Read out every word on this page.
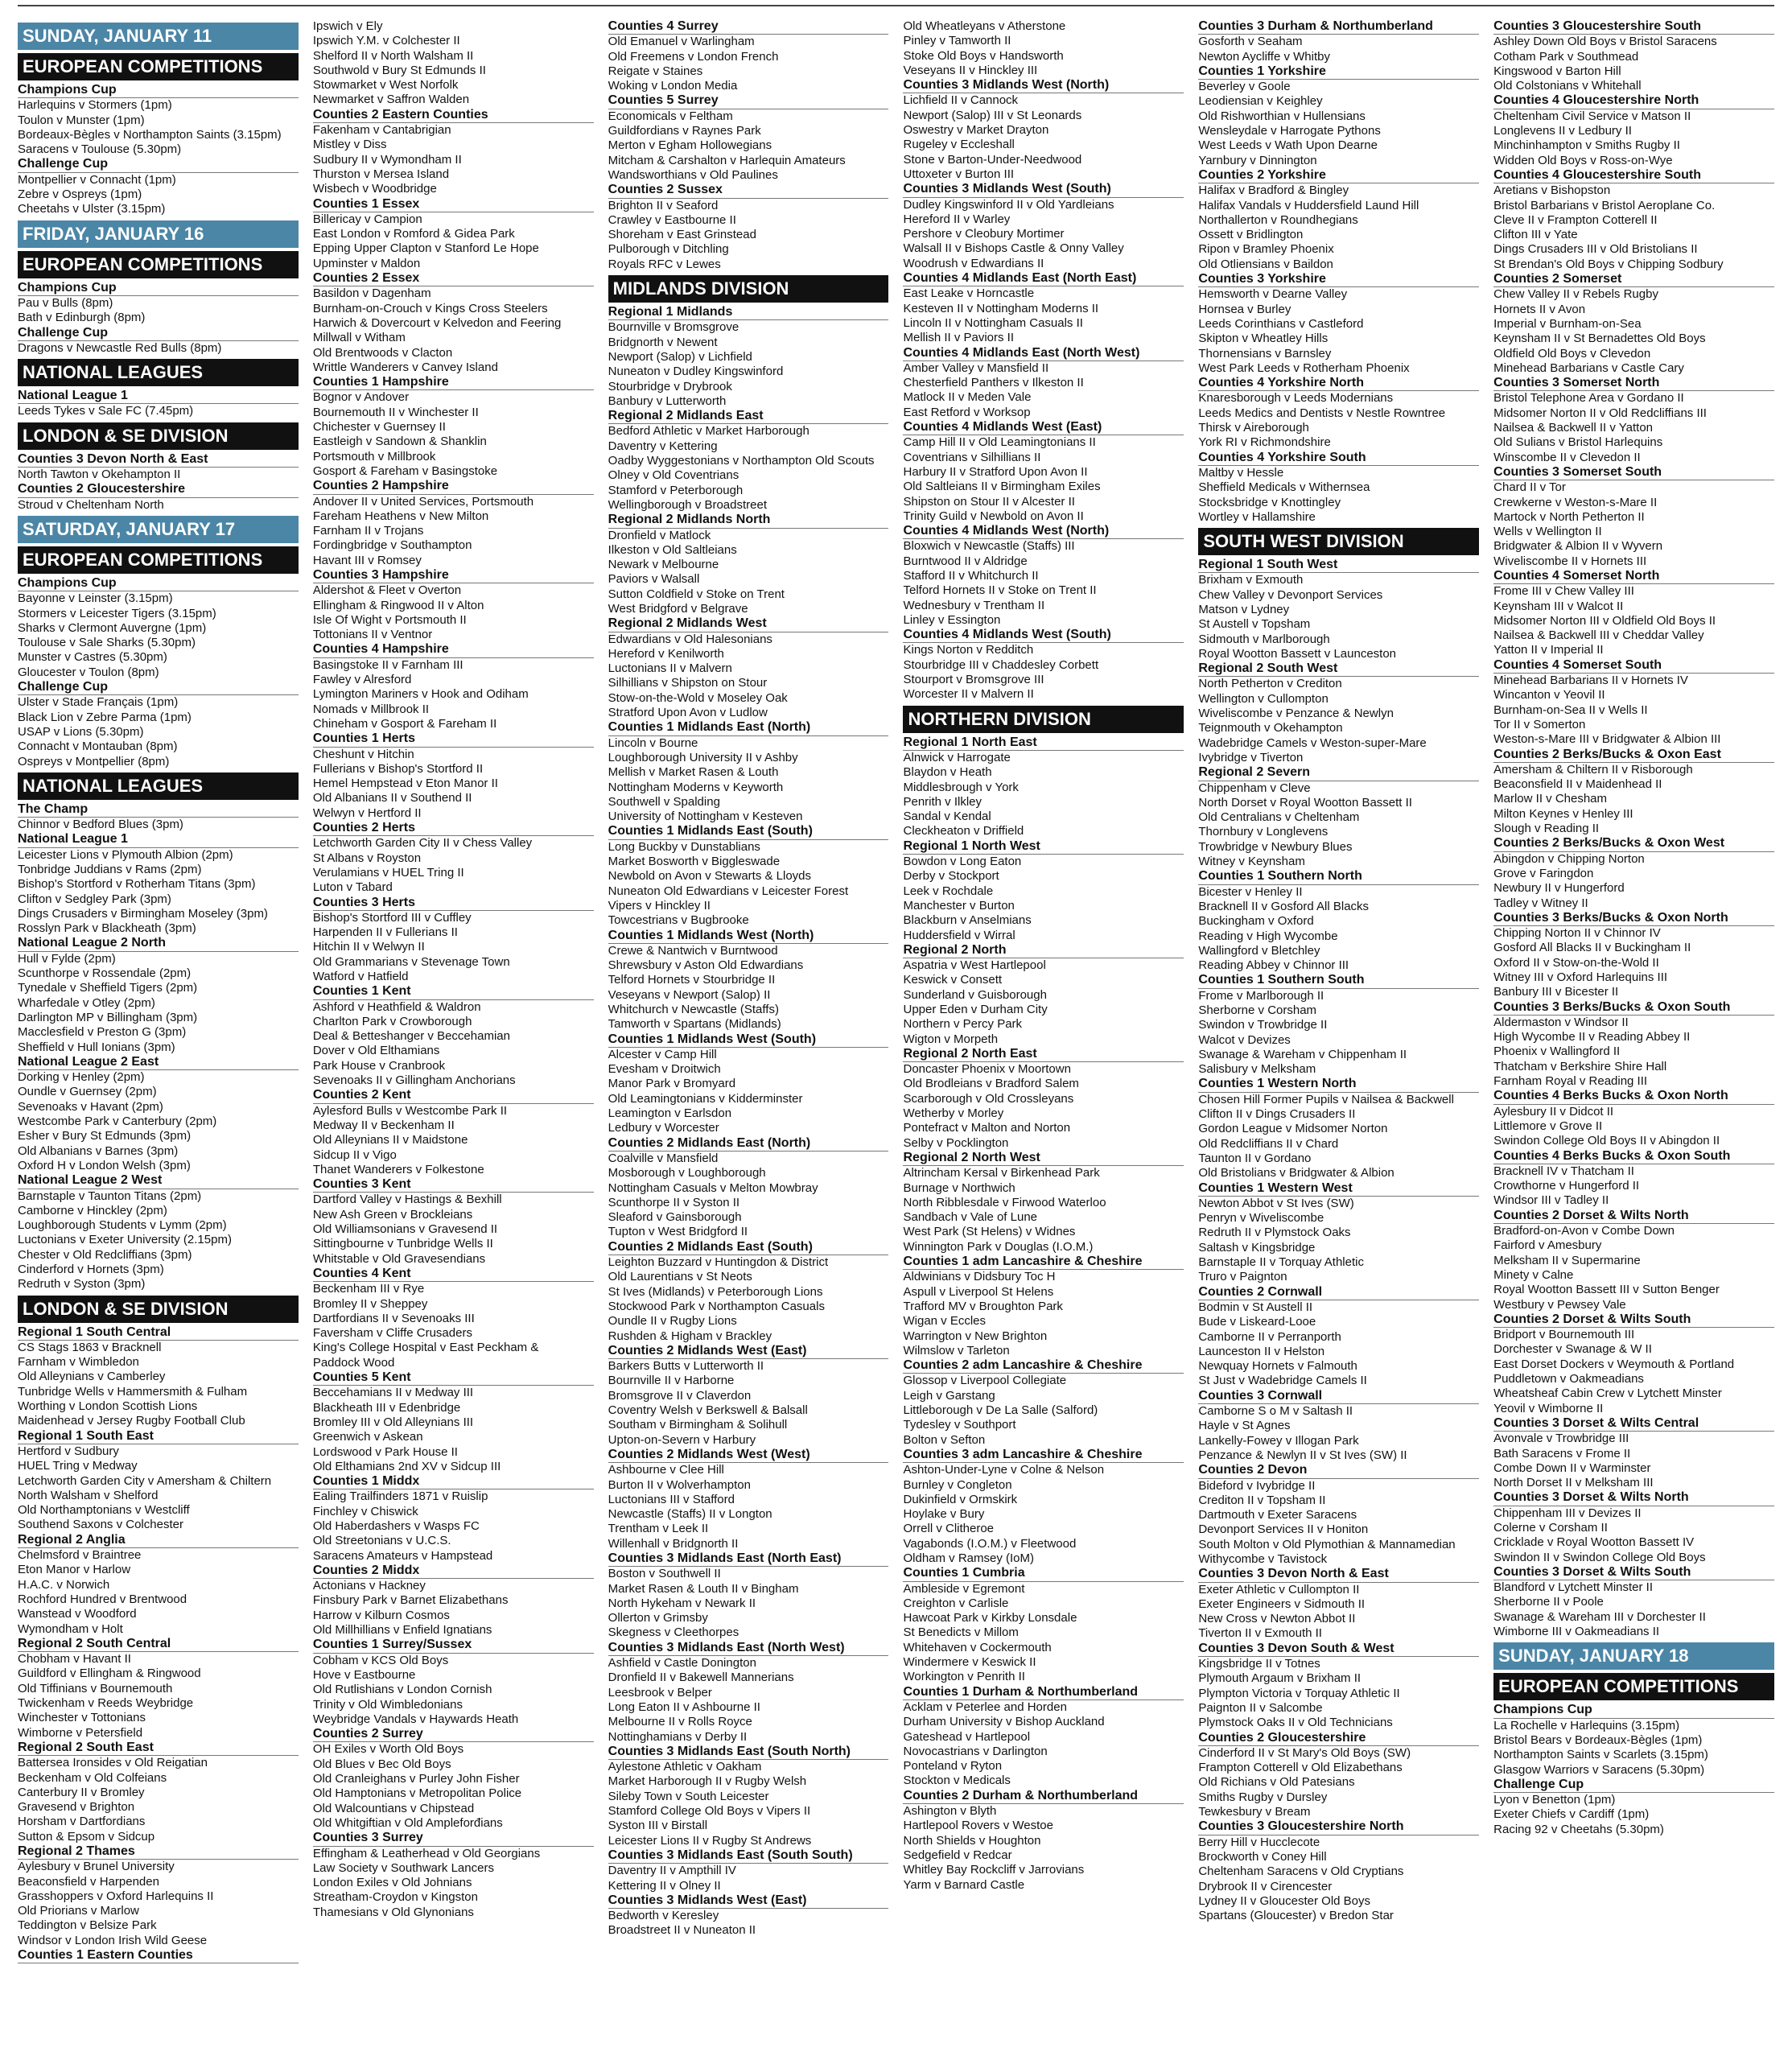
SUNDAY, JANUARY 11
EUROPEAN COMPETITIONS
Champions Cup
Harlequins v Stormers (1pm)
Toulon v Munster (1pm)
Bordeaux-Bègles v Northampton Saints (3.15pm)
Saracens v Toulouse (5.30pm)
Challenge Cup
Montpellier v Connacht (1pm)
Zebre v Ospreys (1pm)
Cheetahs v Ulster (3.15pm)
FRIDAY, JANUARY 16
EUROPEAN COMPETITIONS
Champions Cup
Pau v Bulls (8pm)
Bath v Edinburgh (8pm)
Challenge Cup
Dragons v Newcastle Red Bulls (8pm)
NATIONAL LEAGUES
National League 1
Leeds Tykes v Sale FC (7.45pm)
LONDON & SE DIVISION
Counties 3 Devon North & East
North Tawton v Okehampton II
Counties 2 Gloucestershire
Stroud v Cheltenham North
SATURDAY, JANUARY 17
EUROPEAN COMPETITIONS
Champions Cup
Bayonne v Leinster (3.15pm)
Stormers v Leicester Tigers (3.15pm)
Sharks v Clermont Auvergne (1pm)
Toulouse v Sale Sharks (5.30pm)
Munster v Castres (5.30pm)
Gloucester v Toulon (8pm)
Challenge Cup
Ulster v Stade Français (1pm)
Black Lion v Zebre Parma (1pm)
USAP v Lions (5.30pm)
Connacht v Montauban (8pm)
Ospreys v Montpellier (8pm)
NATIONAL LEAGUES
The Champ
Chinnor v Bedford Blues (3pm)
National League 1
Leicester Lions v Plymouth Albion (2pm)
Tonbridge Juddians v Rams (2pm)
Bishop's Stortford v Rotherham Titans (3pm)
Clifton v Sedgley Park (3pm)
Dings Crusaders v Birmingham Moseley (3pm)
Rosslyn Park v Blackheath (3pm)
National League 2 North
Hull v Fylde (2pm)
Scunthorpe v Rossendale (2pm)
Tynedale v Sheffield Tigers (2pm)
Wharfedale v Otley (2pm)
Darlington MP v Billingham (3pm)
Macclesfield v Preston G (3pm)
Sheffield v Hull Ionians (3pm)
National League 2 East
Dorking v Henley (2pm)
Oundle v Guernsey (2pm)
Sevenoaks v Havant (2pm)
Westcombe Park v Canterbury (2pm)
Esher v Bury St Edmunds (3pm)
Old Albanians v Barnes (3pm)
Oxford H v London Welsh (3pm)
National League 2 West
Barnstaple v Taunton Titans (2pm)
Camborne v Hinckley (2pm)
Loughborough Students v Lymm (2pm)
Luctonians v Exeter University (2.15pm)
Chester v Old Redcliffians (3pm)
Cinderford v Hornets (3pm)
Redruth v Syston (3pm)
LONDON & SE DIVISION
Regional 1 South Central
CS Stags 1863 v Bracknell
Farnham v Wimbledon
Old Alleynians v Camberley
Tunbridge Wells v Hammersmith & Fulham
Worthing v London Scottish Lions
Maidenhead v Jersey Rugby Football Club
Regional 1 South East
Hertford v Sudbury
HUEL Tring v Medway
Letchworth Garden City v Amersham & Chiltern
North Walsham v Shelford
Old Northamptonians v Westcliff
Southend Saxons v Colchester
Regional 2 Anglia
Chelmsford v Braintree
Eton Manor v Harlow
H.A.C. v Norwich
Rochford Hundred v Brentwood
Wanstead v Woodford
Wymondham v Holt
Regional 2 South Central
Chobham v Havant II
Guildford v Ellingham & Ringwood
Old Tiffinians v Bournemouth
Twickenham v Reeds Weybridge
Winchester v Tottonians
Wimborne v Petersfield
Regional 2 South East
Battersea Ironsides v Old Reigatian
Beckenham v Old Colfeians
Canterbury II v Bromley
Gravesend v Brighton
Horsham v Dartfordians
Sutton & Epsom v Sidcup
Regional 2 Thames
Aylesbury v Brunel University
Beaconsfield v Harpenden
Grasshoppers v Oxford Harlequins II
Old Priorians v Marlow
Teddington v Belsize Park
Windsor v London Irish Wild Geese
Counties 1 Eastern Counties
Ipswich v Ely
Ipswich Y.M. v Colchester II
Shelford II v North Walsham II
Southwold v Bury St Edmunds II
Stowmarket v West Norfolk
Newmarket v Saffron Walden
Counties 2 Eastern Counties
Fakenham v Cantabrigian
Mistley v Diss
Sudbury II v Wymondham II
Thurston v Mersea Island
Wisbech v Woodbridge
Counties 1 Essex
Billericay v Campion
East London v Romford & Gidea Park
Epping Upper Clapton v Stanford Le Hope
Upminster v Maldon
Counties 2 Essex
Basildon v Dagenham
Burnham-on-Crouch v Kings Cross Steelers
Harwich & Dovercourt v Kelvedon and Feering
Millwall v Witham
Old Brentwoods v Clacton
Writtle Wanderers v Canvey Island
Counties 1 Hampshire
Bognor v Andover
Bournemouth II v Winchester II
Chichester v Guernsey II
Eastleigh v Sandown & Shanklin
Portsmouth v Millbrook
Gosport & Fareham v Basingstoke
Counties 2 Hampshire
Andover II v United Services, Portsmouth
Fareham Heathens v New Milton
Farnham II v Trojans
Fordingbridge v Southampton
Havant III v Romsey
Counties 3 Hampshire
Aldershot & Fleet v Overton
Ellingham & Ringwood II v Alton
Isle Of Wight v Portsmouth II
Tottonians II v Ventnor
Counties 4 Hampshire
Basingstoke II v Farnham III
Fawley v Alresford
Lymington Mariners v Hook and Odiham
Nomads v Millbrook II
Chineham v Gosport & Fareham II
Counties 1 Herts
Cheshunt v Hitchin
Fullerians v Bishop's Stortford II
Hemel Hempstead v Eton Manor II
Old Albanians II v Southend II
Welwyn v Hertford II
Counties 2 Herts
Letchworth Garden City II v Chess Valley
St Albans v Royston
Verulamians v HUEL Tring II
Luton v Tabard
Counties 3 Herts
Bishop's Stortford III v Cuffley
Harpenden II v Fullerians II
Hitchin II v Welwyn II
Old Grammarians v Stevenage Town
Watford v Hatfield
Counties 1 Kent
Ashford v Heathfield & Waldron
Charlton Park v Crowborough
Deal & Betteshanger v Beccehamian
Dover v Old Elthamians
Park House v Cranbrook
Sevenoaks II v Gillingham Anchorians
Counties 2 Kent
Aylesford Bulls v Westcombe Park II
Medway II v Beckenham II
Old Alleynians II v Maidstone
Sidcup II v Vigo
Thanet Wanderers v Folkestone
Counties 3 Kent
Dartford Valley v Hastings & Bexhill
New Ash Green v Brockleians
Old Williamsonians v Gravesend II
Sittingbourne v Tunbridge Wells II
Whitstable v Old Gravesendians
Counties 4 Kent
Beckenham III v Rye
Bromley II v Sheppey
Dartfordians II v Sevenoaks III
Faversham v Cliffe Crusaders
King's College Hospital v East Peckham &
Paddock Wood
Counties 5 Kent
Beccehamians II v Medway III
Blackheath III v Edenbridge
Bromley III v Old Alleynians III
Greenwich v Askean
Lordswood v Park House II
Old Elthamians 2nd XV v Sidcup III
Counties 1 Middx
Ealing Trailfinders 1871 v Ruislip
Finchley v Chiswick
Old Haberdashers v Wasps FC
Old Streetonians v U.C.S.
Saracens Amateurs v Hampstead
Counties 2 Middx
Actonians v Hackney
Finsbury Park v Barnet Elizabethans
Harrow v Kilburn Cosmos
Old Millhillians v Enfield Ignatians
Counties 1 Surrey/Sussex
Cobham v KCS Old Boys
Hove v Eastbourne
Old Rutlishians v London Cornish
Trinity v Old Wimbledonians
Weybridge Vandals v Haywards Heath
Counties 2 Surrey
OH Exiles v Worth Old Boys
Old Blues v Bec Old Boys
Old Cranleighans v Purley John Fisher
Old Hamptonians v Metropolitan Police
Old Walcountians v Chipstead
Old Whitgiftian v Old Ampleforđians
Counties 3 Surrey
Effingham & Leatherhead v Old Georgians
Law Society v Southwark Lancers
London Exiles v Old Johnians
Streatham-Croydon v Kingston
Thamesians v Old Glynonians
Counties 4 Surrey
Old Emanuel v Warlingham
Old Freemens v London French
Reigate v Staines
Woking v London Media
Counties 5 Surrey
Economicals v Feltham
Guildfordians v Raynes Park
Merton v Egham Hollowegians
Mitcham & Carshalton v Harlequin Amateurs
Wandsworthians v Old Paulines
Counties 2 Sussex
Brighton II v Seaford
Crawley v Eastbourne II
Shoreham v East Grinstead
Pulborough v Ditchling
Royals RFC v Lewes
MIDLANDS DIVISION
Regional 1 Midlands
Bournville v Bromsgrove
Bridgnorth v Newent
Newport (Salop) v Lichfield
Nuneaton v Dudley Kingswinford
Stourbridge v Drybrook
Banbury v Lutterworth
Regional 2 Midlands East
Bedford Athletic v Market Harborough
Daventry v Kettering
Oadby Wyggestonians v Northampton Old Scouts
Olney v Old Coventrians
Stamford v Peterborough
Wellingborough v Broadstreet
Regional 2 Midlands North
Dronfield v Matlock
Ilkeston v Old Saltleians
Newark v Melbourne
Paviors v Walsall
Sutton Coldfield v Stoke on Trent
West Bridgford v Belgrave
Regional 2 Midlands West
Edwardians v Old Halesonians
Hereford v Kenilworth
Luctonians II v Malvern
Silhillians v Shipston on Stour
Stow-on-the-Wold v Moseley Oak
Stratford Upon Avon v Ludlow
Counties 1 Midlands East (North)
Lincoln v Bourne
Loughborough University II v Ashby
Mellish v Market Rasen & Louth
Nottingham Moderns v Keyworth
Southwell v Spalding
University of Nottingham v Kesteven
Counties 1 Midlands East (South)
Long Buckby v Dunstablians
Market Bosworth v Biggleswade
Newbold on Avon v Stewarts & Lloyds
Nuneaton Old Edwardians v Leicester Forest
Vipers v Hinckley II
Towcestrians v Bugbrooke
Counties 1 Midlands West (North)
Crewe & Nantwich v Burntwood
Shrewsbury v Aston Old Edwardians
Telford Hornets v Stourbridge II
Veseyans v Newport (Salop) II
Whitchurch v Newcastle (Staffs)
Tamworth v Spartans (Midlands)
Counties 1 Midlands West (South)
Alcester v Camp Hill
Evesham v Droitwich
Manor Park v Bromyard
Old Leamingtonians v Kidderminster
Leamington v Earlsdon
Ledbury v Worcester
Counties 2 Midlands East (North)
Coalville v Mansfield
Mosborough v Loughborough
Nottingham Casuals v Melton Mowbray
Scunthorpe II v Syston II
Sleaford v Gainsborough
Tupton v West Bridgford II
Counties 2 Midlands East (South)
Leighton Buzzard v Huntingdon & District
Old Laurentians v St Neots
St Ives (Midlands) v Peterborough Lions
Stockwood Park v Northampton Casuals
Oundle II v Rugby Lions
Rushden & Higham v Brackley
Counties 2 Midlands West (East)
Barkers Butts v Lutterworth II
Bournville II v Harborne
Bromsgrove II v Claverdon
Coventry Welsh v Berkswell & Balsall
Southam v Birmingham & Solihull
Upton-on-Severn v Harbury
Counties 2 Midlands West (West)
Ashbourne v Clee Hill
Burton II v Wolverhampton
Luctonians III v Stafford
Newcastle (Staffs) II v Longton
Trentham v Leek II
Willenhall v Bridgnorth II
Counties 3 Midlands East (North East)
Boston v Southwell II
Market Rasen & Louth II v Bingham
North Hykeham v Newark II
Ollerton v Grimsby
Skegness v Cleethorpes
Counties 3 Midlands East (North West)
Ashfield v Castle Donington
Dronfield II v Bakewell Mannerians
Leesbrook v Belper
Long Eaton II v Ashbourne II
Melbourne II v Rolls Royce
Nottinghamians v Derby II
Counties 3 Midlands East (South North)
Aylestone Athletic v Oakham
Market Harborough II v Rugby Welsh
Sileby Town v South Leicester
Stamford College Old Boys v Vipers II
Syston III v Birstall
Leicester Lions II v Rugby St Andrews
Counties 3 Midlands East (South South)
Daventry II v Ampthill IV
Kettering II v Olney II
Counties 3 Midlands West (East)
Bedworth v Keresley
Broadstreet II v Nuneaton II
Old Wheatleyans v Atherstone
Pinley v Tamworth II
Stoke Old Boys v Handsworth
Veseyans II v Hinckley III
Counties 3 Midlands West (North)
Lichfield II v Cannock
Newport (Salop) III v St Leonards
Oswestry v Market Drayton
Rugeley v Eccleshall
Stone v Barton-Under-Needwood
Uttoxeter v Burton III
Counties 3 Midlands West (South)
Dudley Kingswinford II v Old Yardleians
Hereford II v Warley
Pershore v Cleobury Mortimer
Walsall II v Bishops Castle & Onny Valley
Woodrush v Edwardians II
Counties 4 Midlands East (North East)
East Leake v Horncastle
Kesteven II v Nottingham Moderns II
Lincoln II v Nottingham Casuals II
Mellish II v Paviors II
Counties 4 Midlands East (North West)
Amber Valley v Mansfield II
Chesterfield Panthers v Ilkeston II
Matlock II v Meden Vale
East Retford v Worksop
Counties 4 Midlands West (East)
Camp Hill II v Old Leamingtonians II
Coventrians v Silhillians II
Harbury II v Stratford Upon Avon II
Old Saltleians II v Birmingham Exiles
Shipston on Stour II v Alcester II
Trinity Guild v Newbold on Avon II
Counties 4 Midlands West (North)
Bloxwich v Newcastle (Staffs) III
Burntwood II v Aldridge
Stafford II v Whitchurch II
Telford Hornets II v Stoke on Trent II
Wednesbury v Trentham II
Linley v Essington
Counties 4 Midlands West (South)
Kings Norton v Redditch
Stourbridge III v Chaddesley Corbett
Stourport v Bromsgrove III
Worcester II v Malvern II
NORTHERN DIVISION
Regional 1 North East
Alnwick v Harrogate
Blaydon v Heath
Middlesbrough v York
Penrith v Ilkley
Sandal v Kendal
Cleckheaton v Driffield
Regional 1 North West
Bowdon v Long Eaton
Derby v Stockport
Leek v Rochdale
Manchester v Burton
Blackburn v Anselmians
Huddersfield v Wirral
Regional 2 North
Aspatria v West Hartlepool
Keswick v Consett
Sunderland v Guisborough
Upper Eden v Durham City
Northern v Percy Park
Wigton v Morpeth
Regional 2 North East
Doncaster Phoenix v Moortown
Old Brodleians v Bradford Salem
Scarborough v Old Crossleyans
Wetherby v Morley
Pontefract v Malton and Norton
Selby v Pocklington
Regional 2 North West
Altrincham Kersal v Birkenhead Park
Burnage v Northwich
North Ribblesdale v Firwood Waterloo
Sandbach v Vale of Lune
West Park (St Helens) v Widnes
Winnington Park v Douglas (I.O.M.)
Counties 1 adm Lancashire & Cheshire
Aldwinians v Didsbury Toc H
Aspull v Liverpool St Helens
Trafford MV v Broughton Park
Wigan v Eccles
Warrington v New Brighton
Wilmslow v Tarleton
Counties 2 adm Lancashire & Cheshire
Glossop v Liverpool Collegiate
Leigh v Garstang
Littleborough v De La Salle (Salford)
Tydesley v Southport
Bolton v Sefton
Counties 3 adm Lancashire & Cheshire
Ashton-Under-Lyne v Colne & Nelson
Burnley v Congleton
Dukinfield v Ormskirk
Hoylake v Bury
Orrell v Clitheroe
Vagabonds (I.O.M.) v Fleetwood
Oldham v Ramsey (IoM)
Counties 1 Cumbria
Ambleside v Egremont
Creighton v Carlisle
Hawcoat Park v Kirkby Lonsdale
St Benedicts v Millom
Whitehaven v Cockermouth
Windermere v Keswick II
Workington v Penrith II
Counties 1 Durham & Northumberland
Acklam v Peterlee and Horden
Durham University v Bishop Auckland
Gateshead v Hartlepool
Novocastrians v Darlington
Ponteland v Ryton
Stockton v Medicals
Counties 2 Durham & Northumberland
Ashington v Blyth
Hartlepool Rovers v Westoe
North Shields v Houghton
Sedgefield v Redcar
Whitley Bay Rockcliff v Jarrovians
Yarm v Barnard Castle
Counties 3 Durham & Northumberland
Gosforth v Seaham
Newton Aycliffe v Whitby
Counties 1 Yorkshire
Beverley v Goole
Leodiensian v Keighley
Old Rishworthian v Hullensians
Wensleydale v Harrogate Pythons
West Leeds v Wath Upon Dearne
Yarnbury v Dinnington
Counties 2 Yorkshire
Halifax v Bradford & Bingley
Halifax Vandals v Huddersfield Laund Hill
Northallerton v Roundhegians
Ossett v Bridlington
Ripon v Bramley Phoenix
Old Otliensians v Baildon
Counties 3 Yorkshire
Hemsworth v Dearne Valley
Hornsea v Burley
Leeds Corinthians v Castleford
Skipton v Wheatley Hills
Thornensians v Barnsley
West Park Leeds v Rotherham Phoenix
Counties 4 Yorkshire North
Knaresborough v Leeds Modernians
Leeds Medics and Dentists v Nestle Rowntree
Thirsk v Aireborough
York RI v Richmondshire
Counties 4 Yorkshire South
Maltby v Hessle
Sheffield Medicals v Withernsea
Stocksbridge v Knottingley
Wortley v Hallamshire
SOUTH WEST DIVISION
Regional 1 South West
Brixham v Exmouth
Chew Valley v Devonport Services
Matson v Lydney
St Austell v Topsham
Sidmouth v Marlborough
Royal Wootton Bassett v Launceston
Regional 2 South West
North Petherton v Crediton
Wellington v Cullompton
Wiveliscombe v Penzance & Newlyn
Teignmouth v Okehampton
Wadebridge Camels v Weston-super-Mare
Ivybridge v Tiverton
Regional 2 Severn
Chippenham v Cleve
North Dorset v Royal Wootton Bassett II
Old Centralians v Cheltenham
Thornbury v Longlevens
Trowbridge v Newbury Blues
Witney v Keynsham
Counties 1 Southern North
Bicester v Henley II
Bracknell II v Gosford All Blacks
Buckingham v Oxford
Reading v High Wycombe
Wallingford v Bletchley
Reading Abbey v Chinnor III
Counties 1 Southern South
Frome v Marlborough II
Sherborne v Corsham
Swindon v Trowbridge II
Walcot v Devizes
Swanage & Wareham v Chippenham II
Salisbury v Melksham
Counties 1 Western North
Chosen Hill Former Pupils v Nailsea & Backwell
Clifton II v Dings Crusaders II
Gordon League v Midsomer Norton
Old Redcliffians II v Chard
Taunton II v Gordano
Old Bristolians v Bridgwater & Albion
Counties 1 Western West
Newton Abbot v St Ives (SW)
Penryn v Wiveliscombe
Redruth II v Plymstock Oaks
Saltash v Kingsbridge
Barnstaple II v Torquay Athletic
Truro v Paignton
Counties 2 Cornwall
Bodmin v St Austell II
Bude v Liskeard-Looe
Camborne II v Perranporth
Launceston II v Helston
Newquay Hornets v Falmouth
St Just v Wadebridge Camels II
Counties 3 Cornwall
Camborne S o M v Saltash II
Hayle v St Agnes
Lankelly-Fowey v Illogan Park
Penzance & Newlyn II v St Ives (SW) II
Counties 2 Devon
Bideford v Ivybridge II
Crediton II v Topsham II
Dartmouth v Exeter Saracens
Devonport Services II v Honiton
South Molton v Old Plymothian & Mannamedian
Withycombe v Tavistock
Counties 3 Devon North & East
Exeter Athletic v Cullompton II
Exeter Engineers v Sidmouth II
New Cross v Newton Abbot II
Tiverton II v Exmouth II
Counties 3 Devon South & West
Kingsbridge II v Totnes
Plymouth Argaum v Brixham II
Plympton Victoria v Torquay Athletic II
Paignton II v Salcombe
Plymstock Oaks II v Old Technicians
Counties 2 Gloucestershire
Cinderford II v St Mary's Old Boys (SW)
Frampton Cotterell v Old Elizabethans
Old Richians v Old Patesians
Smiths Rugby v Dursley
Tewkesbury v Bream
Counties 3 Gloucestershire North
Berry Hill v Hucclecote
Brockworth v Coney Hill
Cheltenham Saracens v Old Cryptians
Drybrook II v Cirencester
Lydney II v Gloucester Old Boys
Spartans (Gloucester) v Bredon Star
Counties 3 Gloucestershire South
Ashley Down Old Boys v Bristol Saracens
Cotham Park v Southmead
Kingswood v Barton Hill
Old Colstonians v Whitehall
Counties 4 Gloucestershire North
Cheltenham Civil Service v Matson II
Longlevens II v Ledbury II
Minchinhampton v Smiths Rugby II
Widden Old Boys v Ross-on-Wye
Counties 4 Gloucestershire South
Aretians v Bishopston
Bristol Barbarians v Bristol Aeroplane Co.
Cleve II v Frampton Cotterell II
Clifton III v Yate
Dings Crusaders III v Old Bristolians II
St Brendan's Old Boys v Chipping Sodbury
Counties 2 Somerset
Chew Valley II v Rebels Rugby
Hornets II v Avon
Imperial v Burnham-on-Sea
Keynsham II v St Bernadettes Old Boys
Oldfield Old Boys v Clevedon
Minehead Barbarians v Castle Cary
Counties 3 Somerset North
Bristol Telephone Area v Gordano II
Midsomer Norton II v Old Redcliffians III
Nailsea & Backwell II v Yatton
Old Sulians v Bristol Harlequins
Winscombe II v Clevedon II
Counties 3 Somerset South
Chard II v Tor
Crewkerne v Weston-s-Mare II
Martock v North Petherton II
Wells v Wellington II
Bridgwater & Albion II v Wyvern
Wiveliscombe II v Hornets III
Counties 4 Somerset North
Frome III v Chew Valley III
Keynsham III v Walcot II
Midsomer Norton III v Oldfield Old Boys II
Nailsea & Backwell III v Cheddar Valley
Yatton II v Imperial II
Counties 4 Somerset South
Minehead Barbarians II v Hornets IV
Wincanton v Yeovil II
Burnham-on-Sea II v Wells II
Tor II v Somerton
Weston-s-Mare III v Bridgwater & Albion III
Counties 2 Berks/Bucks & Oxon East
Amersham & Chiltern II v Risborough
Beaconsfield II v Maidenhead II
Marlow II v Chesham
Milton Keynes v Henley III
Slough v Reading II
Counties 2 Berks/Bucks & Oxon West
Abingdon v Chipping Norton
Grove v Faringdon
Newbury II v Hungerford
Tadley v Witney II
Counties 3 Berks/Bucks & Oxon North
Chipping Norton II v Chinnor IV
Gosford All Blacks II v Buckingham II
Oxford II v Stow-on-the-Wold II
Witney III v Oxford Harlequins III
Banbury III v Bicester II
Counties 3 Berks/Bucks & Oxon South
Aldermaston v Windsor II
High Wycombe II v Reading Abbey II
Phoenix v Wallingford II
Thatcham v Berkshire Shire Hall
Farnham Royal v Reading III
Counties 4 Berks Bucks & Oxon North
Aylesbury II v Didcot II
Littlemore v Grove II
Swindon College Old Boys II v Abingdon II
Counties 4 Berks Bucks & Oxon South
Bracknell IV v Thatcham II
Crowthorne v Hungerford II
Windsor III v Tadley II
Counties 2 Dorset & Wilts North
Bradford-on-Avon v Combe Down
Fairford v Amesbury
Melksham II v Supermarine
Minety v Calne
Royal Wootton Bassett III v Sutton Benger
Westbury v Pewsey Vale
Counties 2 Dorset & Wilts South
Bridport v Bournemouth III
Dorchester v Swanage & W II
East Dorset Dockers v Weymouth & Portland
Puddletown v Oakmeadians
Wheatsheaf Cabin Crew v Lytchett Minster
Yeovil v Wimborne II
Counties 3 Dorset & Wilts Central
Avonvale v Trowbridge III
Bath Saracens v Frome II
Combe Down II v Warminster
North Dorset II v Melksham III
Counties 3 Dorset & Wilts North
Chippenham III v Devizes II
Colerne v Corsham II
Cricklade v Royal Wootton Bassett IV
Swindon II v Swindon College Old Boys
Counties 3 Dorset & Wilts South
Blandford v Lytchett Minster II
Sherborne II v Poole
Swanage & Wareham III v Dorchester II
Wimborne III v Oakmeadians II
SUNDAY, JANUARY 18
EUROPEAN COMPETITIONS
Champions Cup
La Rochelle v Harlequins (3.15pm)
Bristol Bears v Bordeaux-Bègles (1pm)
Northampton Saints v Scarlets (3.15pm)
Glasgow Warriors v Saracens (5.30pm)
Challenge Cup
Lyon v Benetton (1pm)
Exeter Chiefs v Cardiff (1pm)
Racing 92 v Cheetahs (5.30pm)
